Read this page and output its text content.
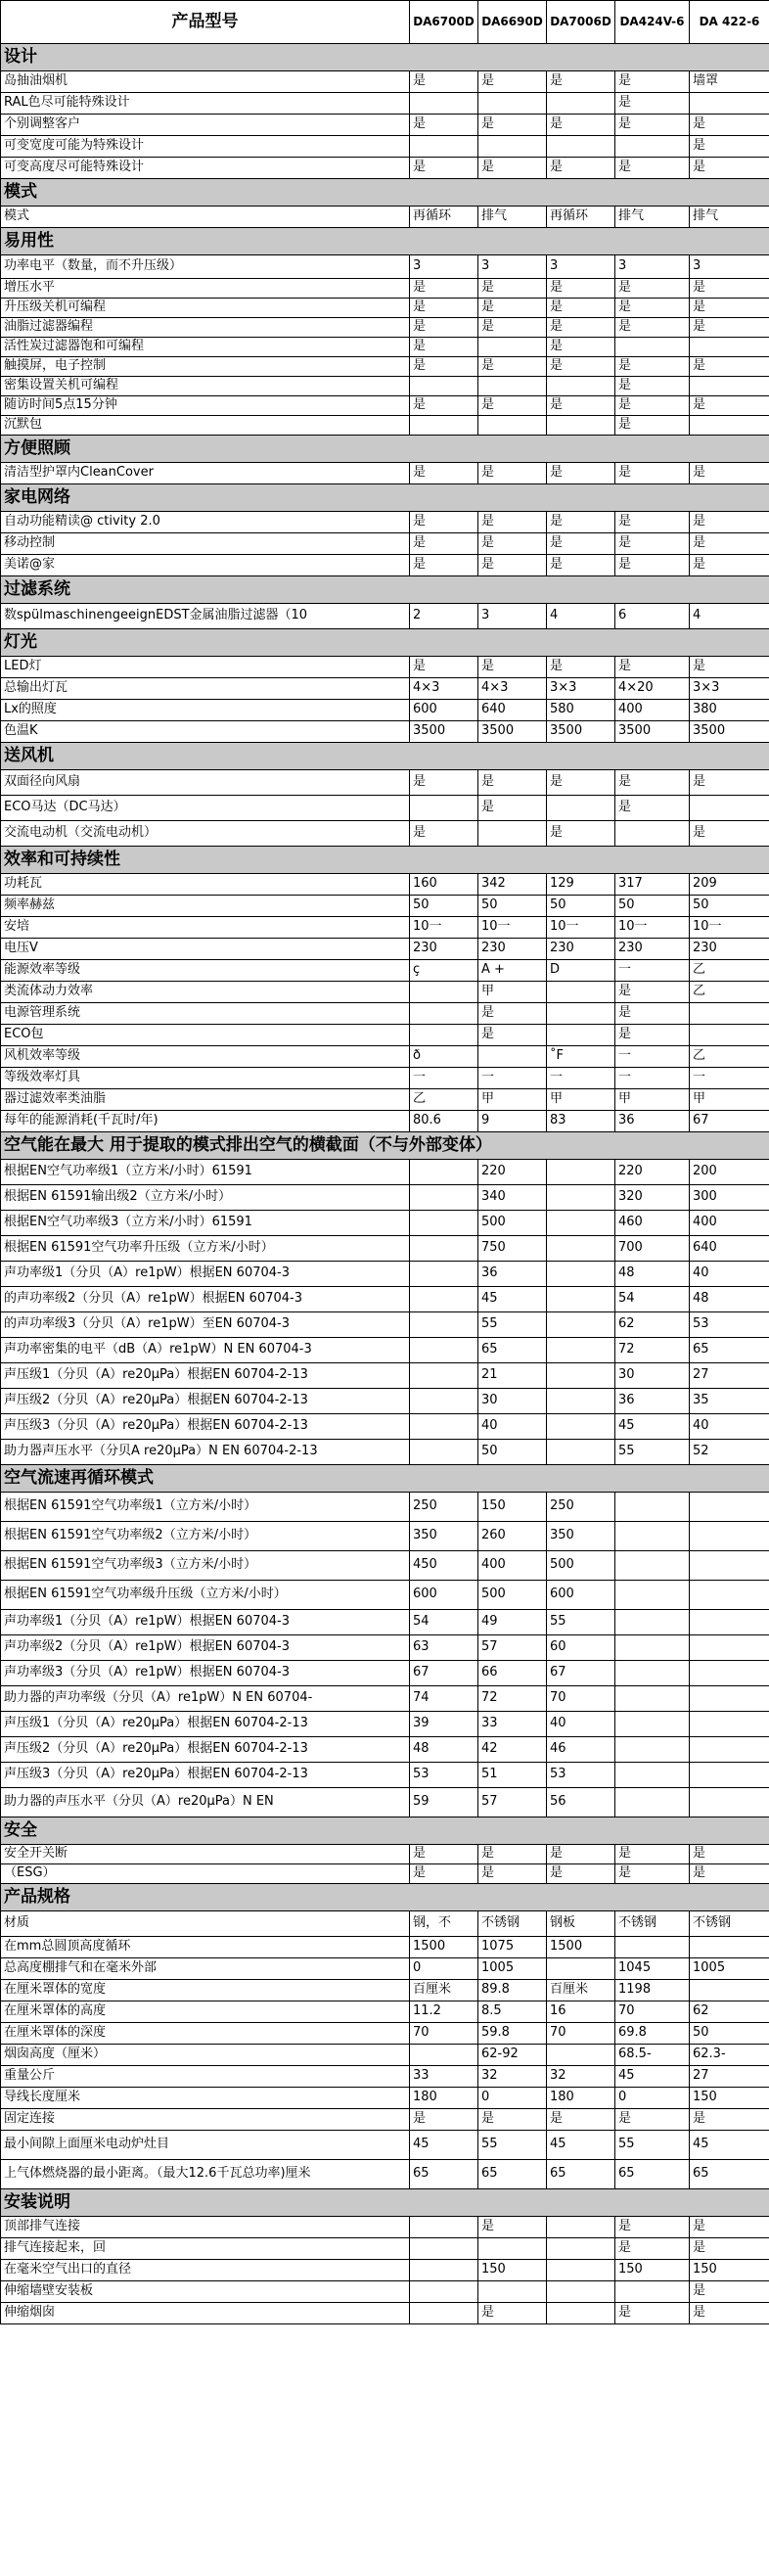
产品型号	DA6700D	DA6690D	DA7006D	DA424V-6	DA 422-6
设计					
岛抽油烟机	是	是	是	是	墙罩
RAL色尽可能特殊设计				是	
个别调整客户	是	是	是	是	是
可变宽度可能为特殊设计					是
可变高度尽可能特殊设计	是	是	是	是	是
模式					
模式	再循环	排气	再循环	排气	排气
易用性					
功率电平（数量，而不升压级）	3	3	3	3	3
增压水平	是	是	是	是	是
升压级关机可编程	是	是	是	是	是
油脂过滤器编程	是	是	是	是	是
活性炭过滤器饱和可编程	是		是		
触摸屏，电子控制	是	是	是	是	是
密集设置关机可编程				是	
随访时间5点15分钟	是	是	是	是	是
沉默包				是	
方便照顾					
清洁型护罩内CleanCover	是	是	是	是	是
家电网络					
自动功能精读@ ctivity 2.0	是	是	是	是	是
移动控制	是	是	是	是	是
美诺@家	是	是	是	是	是
过滤系统					
数spülmaschinengeeignEDST金属油脂过滤器（10	2	3	4	6	4
灯光					
LED灯	是	是	是	是	是
总输出灯瓦	4×3	4×3	3×3	4×20	3×3
Lx的照度	600	640	580	400	380
色温K	3500	3500	3500	3500	3500
送风机					
双面径向风扇	是	是	是	是	是
ECO马达（DC马达）		是		是	
交流电动机（交流电动机）	是		是		是
效率和可持续性					
功耗瓦	160	342	129	317	209
频率赫兹	50	50	50	50	50
安培	10一	10一	10一	10一	10一
电压V	230	230	230	230	230
能源效率等级	ç	A +	D	一	乙
类流体动力效率		甲		是	乙
电源管理系统		是		是	
ECO包		是		是	
风机效率等级	ð		˚F	一	乙
等级效率灯具	一	一	一	一	一
器过滤效率类油脂	乙	甲	甲	甲	甲
每年的能源消耗(千瓦时/年)	80.6	9	83	36	67
空气能在最大 用于提取的模式排出空气的横截面（不与外部变体）					
根据EN空气功率级1（立方米/小时）61591		220		220	200
根据EN 61591输出级2（立方米/小时）		340		320	300
根据EN空气功率级3（立方米/小时）61591		500		460	400
根据EN 61591空气功率升压级（立方米/小时）		750		700	640
声功率级1（分贝（A）re1pW）根据EN 60704-3		36		48	40
的声功率级2（分贝（A）re1pW）根据EN 60704-3		45		54	48
的声功率级3（分贝（A）re1pW）至EN 60704-3		55		62	53
声功率密集的电平（dB（A）re1pW）N EN 60704-3		65		72	65
声压级1（分贝（A）re20µPa）根据EN 60704-2-13		21		30	27
声压级2（分贝（A）re20µPa）根据EN 60704-2-13		30		36	35
声压级3（分贝（A）re20µPa）根据EN 60704-2-13		40		45	40
助力器声压水平（分贝A re20µPa）N EN 60704-2-13		50		55	52
空气流速再循环模式					
根据EN 61591空气功率级1（立方米/小时）	250	150	250		
根据EN 61591空气功率级2（立方米/小时）	350	260	350		
根据EN 61591空气功率级3（立方米/小时）	450	400	500		
根据EN 61591空气功率级升压级（立方米/小时）	600	500	600		
声功率级1（分贝（A）re1pW）根据EN 60704-3	54	49	55		
声功率级2（分贝（A）re1pW）根据EN 60704-3	63	57	60		
声功率级3（分贝（A）re1pW）根据EN 60704-3	67	66	67		
助力器的声功率级（分贝（A）re1pW）N EN 60704-	74	72	70		
声压级1（分贝（A）re20µPa）根据EN 60704-2-13	39	33	40		
声压级2（分贝（A）re20µPa）根据EN 60704-2-13	48	42	46		
声压级3（分贝（A）re20µPa）根据EN 60704-2-13	53	51	53		
助力器的声压水平（分贝（A）re20µPa）N EN	59	57	56		
安全					
安全开关断	是	是	是	是	是
（ESG）	是	是	是	是	是
产品规格					
材质	钢，不	不锈钢	钢板	不锈钢	不锈钢
在mm总圆顶高度循环	1500	1075	1500		
总高度棚排气和在毫米外部	0	1005		1045	1005
在厘米罩体的宽度	百厘米	89.8	百厘米	1198	
在厘米罩体的高度	11.2	8.5	16	70	62
在厘米罩体的深度	70	59.8	70	69.8	50
烟囱高度（厘米）		62-92		68.5-	62.3-
重量公斤	33	32	32	45	27
导线长度厘米	180	0	180	0	150
固定连接	是	是	是	是	是
最小间隙上面厘米电动炉灶目	45	55	45	55	45
上气体燃烧器的最小距离。（最大12.6千瓦总功率)厘米	65	65	65	65	65
安装说明					
顶部排气连接		是		是	是
排气连接起来，回				是	是
在毫米空气出口的直径		150		150	150
伸缩墙壁安装板					是
伸缩烟囱		是		是	是
